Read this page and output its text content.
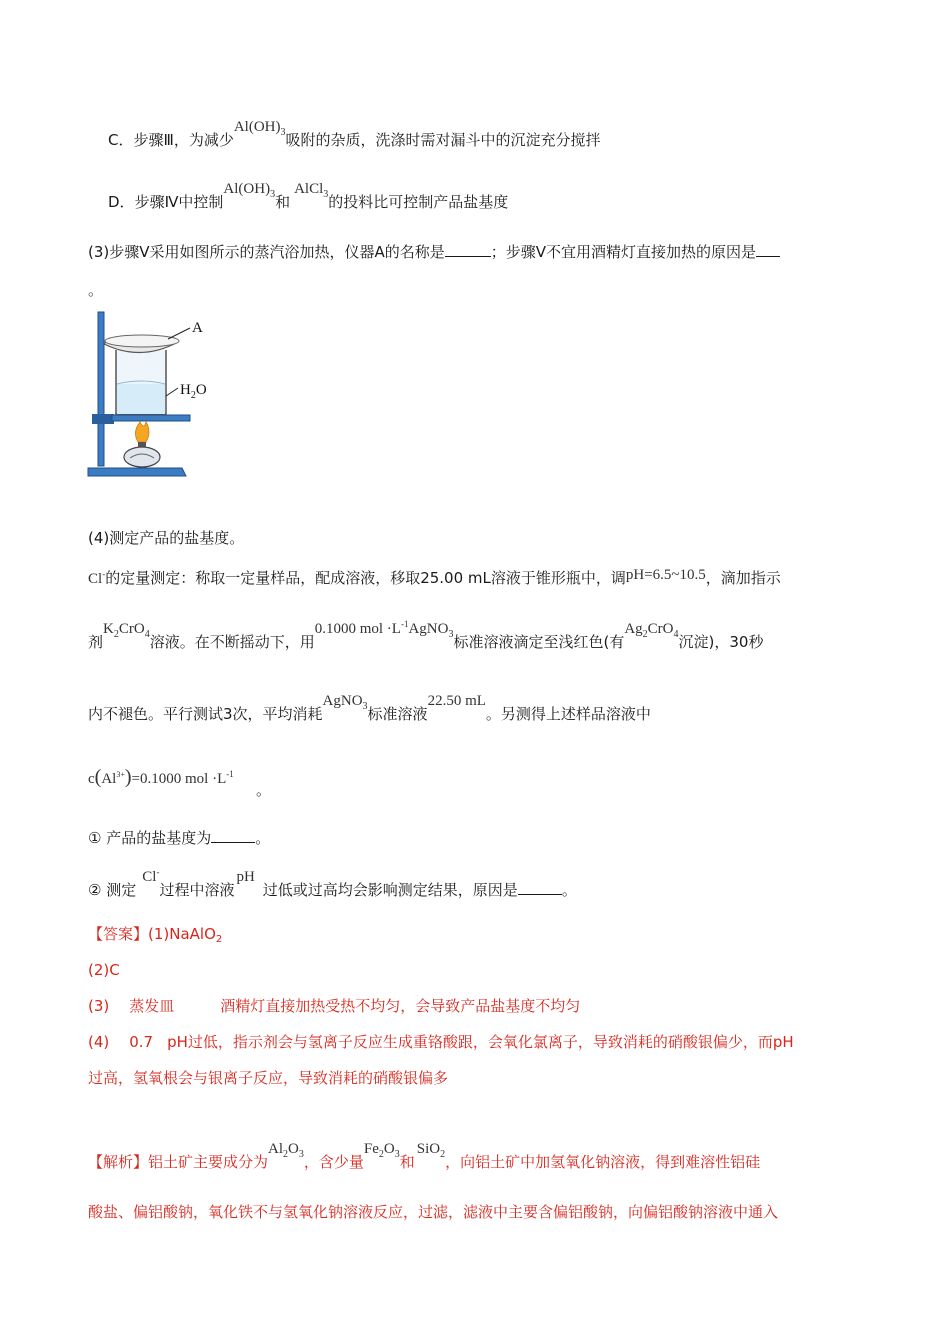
C．步骤Ⅲ，为减少$Al(OH)_3$吸附的杂质，洗涤时需对漏斗中的沉淀充分搅拌
D．步骤Ⅳ中控制$Al(OH)_3$和AlCl$_3$的投料比可控制产品盐基度
(3)步骤Ⅴ采用如图所示的蒸汽浴加热，仪器A的名称是	；步骤Ⅴ不宜用酒精灯直接加热的原因是
。
A
$H_2O$
(4)测定产品的盐基度。
Cl-的定量测定：称取一定量样品，配成溶液，移取25.00 mL溶液于锥形瓶中，调pH=6.5~10.5，滴加指示
剂$K_2CrO_4$溶液。在不断摇动下，用0.1000 mol $\cdot L^{-1}AgNO_3$标准溶液滴定至浅红色(有$Ag_2CrO_4$沉淀)，30秒
内不褪色。平行测试3次，平均消耗AgNO$_3$标准溶液22.50 mL。另测得上述样品溶液中
$c(Al^{3+})=0.1000$ mol $\cdot L^{-1}$
。
① 产品的盐基度为	。
② 测定Cl-过程中溶液pH过低或过高均会影响测定结果，原因是	。
【答案】(1)NaAlO$_2$
(2)C
(3) 蒸发皿	酒精灯直接加热受热不均匀，会导致产品盐基度不均匀
(4) 0.7 pH过低，指示剂会与氢离子反应生成重铬酸跟，会氧化氯离子，导致消耗的硝酸银偏少，而pH
过高，氢氧根会与银离子反应，导致消耗的硝酸银偏多
【解析】铝土矿主要成分为$Al_2O_3$，含少量$Fe_2O_3$和SiO$_2$，向铝土矿中加氢氧化钠溶液，得到难溶性铝硅
酸盐、偏铝酸钠，氧化铁不与氢氧化钠溶液反应，过滤，滤液中主要含偏铝酸钠，向偏铝酸钠溶液中通入
